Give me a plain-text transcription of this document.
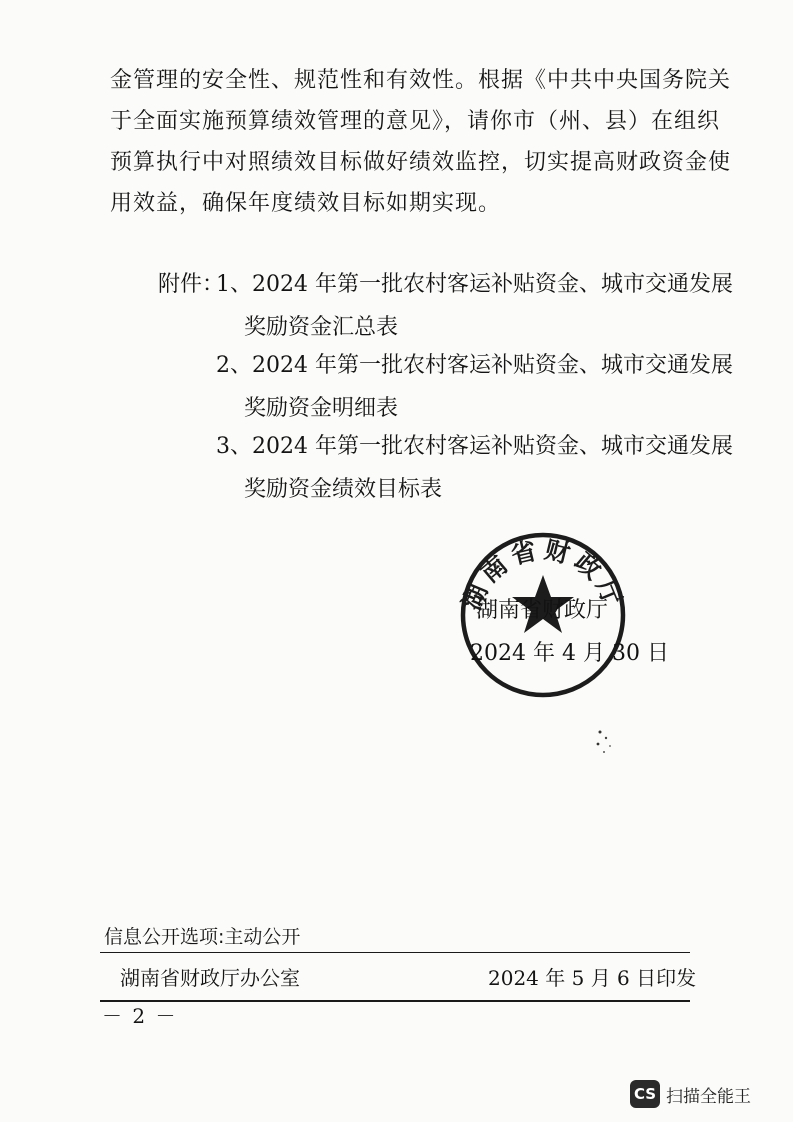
金管理的安全性、规范性和有效性。根据《中共中央国务院关
于全面实施预算绩效管理的意见》，请你市（州、县）在组织
预算执行中对照绩效目标做好绩效监控，切实提高财政资金使
用效益，确保年度绩效目标如期实现。
附件：
1、2024 年第一批农村客运补贴资金、城市交通发展
奖励资金汇总表
2、2024 年第一批农村客运补贴资金、城市交通发展
奖励资金明细表
3、2024 年第一批农村客运补贴资金、城市交通发展
奖励资金绩效目标表
湖南省财政厅
湖南省财政厅
2024 年 4 月 30 日
信息公开选项:主动公开
湖南省财政厅办公室	2024 年 5 月 6 日印发
－ 2 －
CS 扫描全能王
